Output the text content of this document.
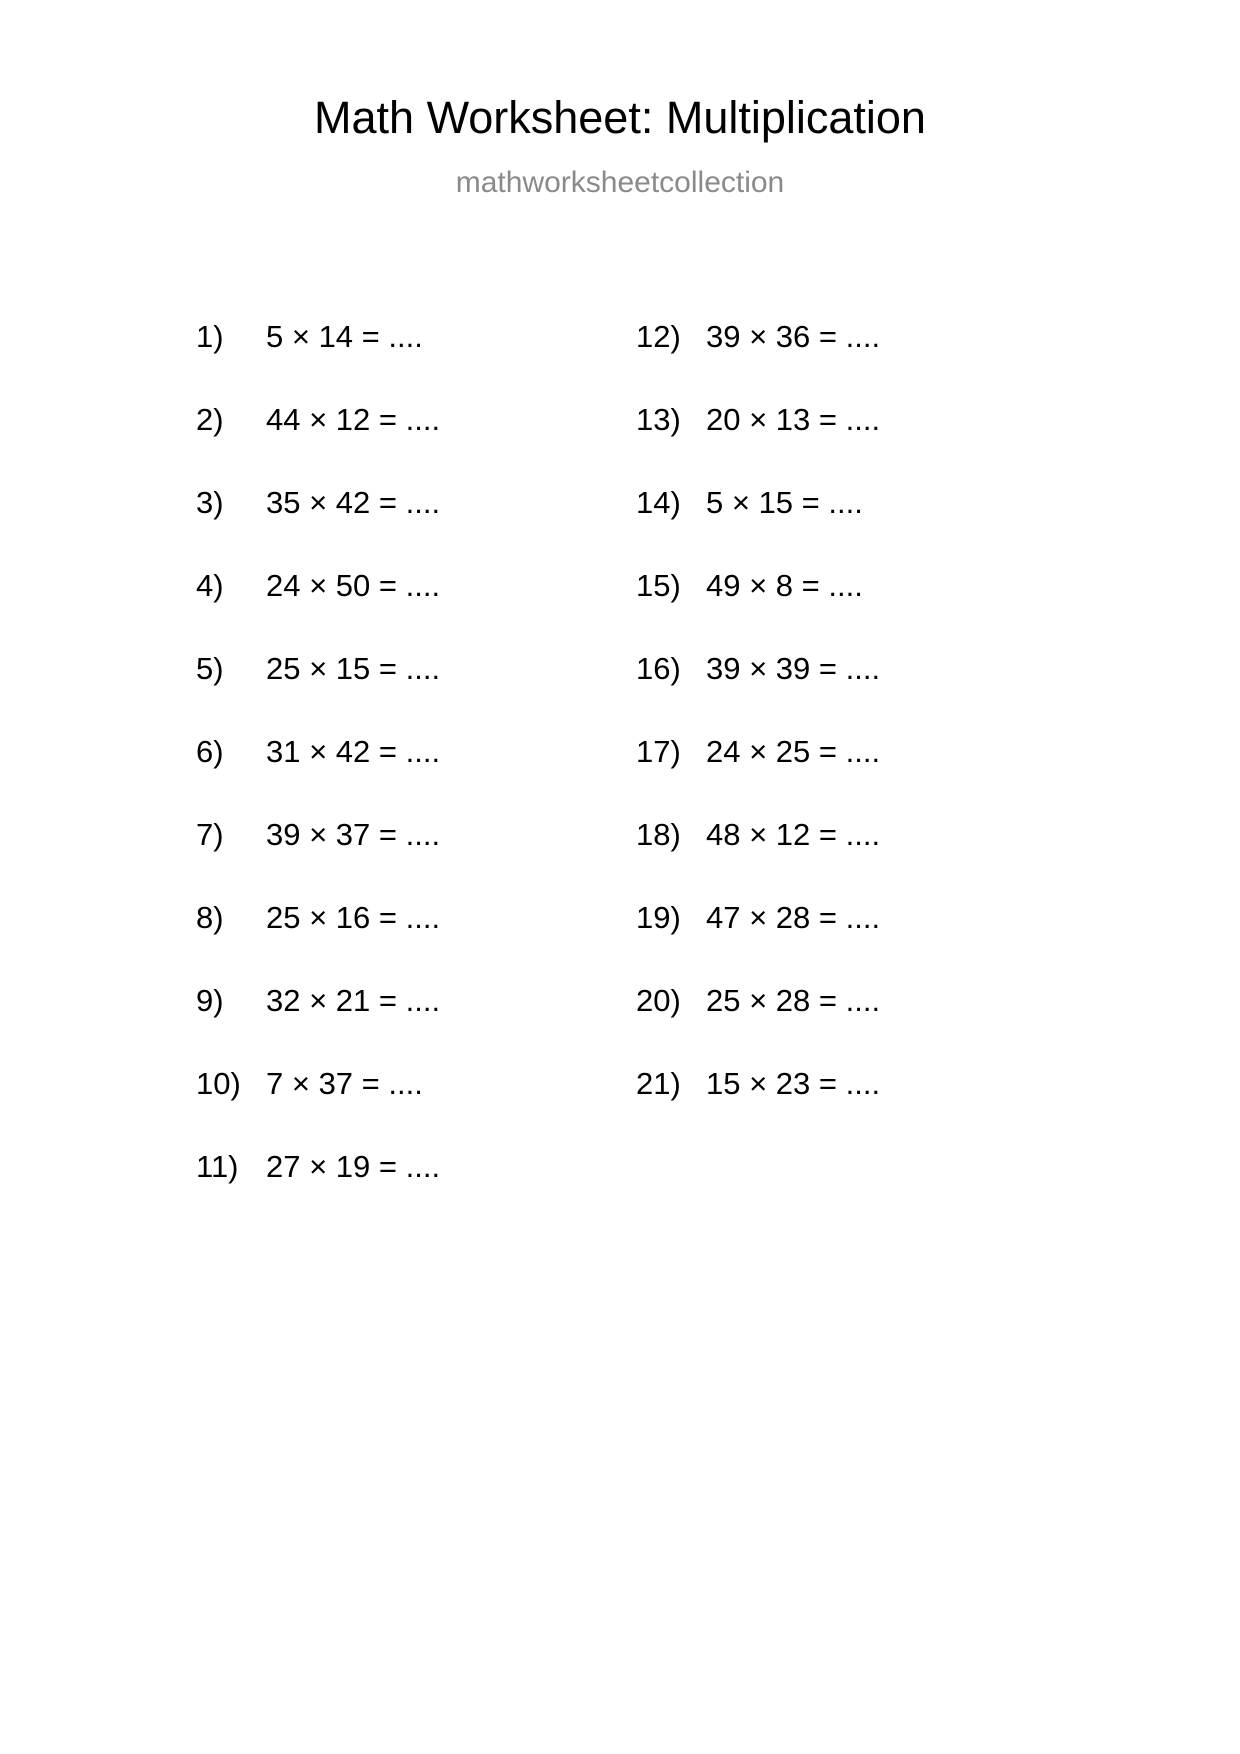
Math Worksheet: Multiplication
mathworksheetcollection
1)	5 × 14 = ....
2)	44 × 12 = ....
3)	35 × 42 = ....
4)	24 × 50 = ....
5)	25 × 15 = ....
6)	31 × 42 = ....
7)	39 × 37 = ....
8)	25 × 16 = ....
9)	32 × 21 = ....
10) 7 × 37 = ....
11) 27 × 19 = ....
12) 39 × 36 = ....
13) 20 × 13 = ....
14) 5 × 15 = ....
15) 49 × 8 = ....
16) 39 × 39 = ....
17) 24 × 25 = ....
18) 48 × 12 = ....
19) 47 × 28 = ....
20) 25 × 28 = ....
21) 15 × 23 = ....
